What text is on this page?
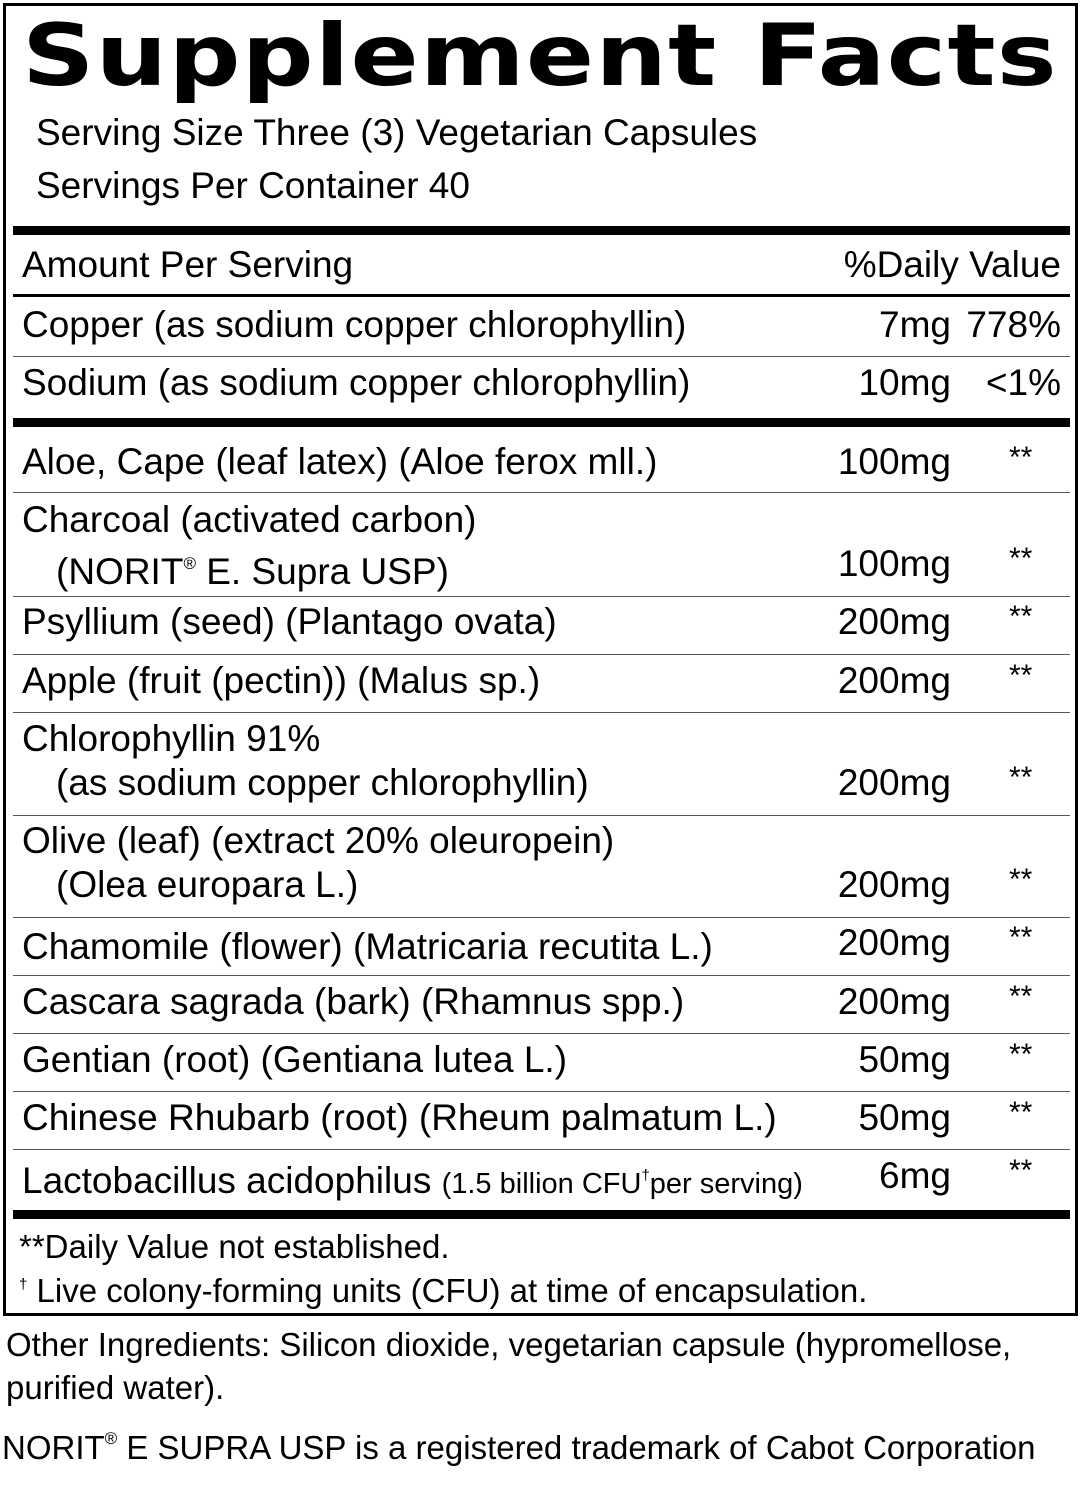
Supplement Facts
Serving Size Three (3) Vegetarian Capsules
Servings Per Container 40
Amount Per Serving	%Daily Value
Copper (as sodium copper chlorophyllin)	7mg 778%
Sodium (as sodium copper chlorophyllin)	10mg <1%
Aloe, Cape (leaf latex) (Aloe ferox mll.)	100mg **
Charcoal (activated carbon)
(NORIT® E. Supra USP)	100mg **
Psyllium (seed) (Plantago ovata)	200mg **
Apple (fruit (pectin)) (Malus sp.)	200mg **
Chlorophyllin 91%
(as sodium copper chlorophyllin)	200mg **
Olive (leaf) (extract 20% oleuropein)
(Olea europara L.)	200mg **
Chamomile (flower) (Matricaria recutita L.)	200mg **
Cascara sagrada (bark) (Rhamnus spp.)	200mg **
Gentian (root) (Gentiana lutea L.)	50mg **
Chinese Rhubarb (root) (Rheum palmatum L.) 50mg **
Lactobacillus acidophilus (1.5 billion CFU†per serving) 6mg **
**Daily Value not established.
† Live colony-forming units (CFU) at time of encapsulation.
Other Ingredients: Silicon dioxide, vegetarian capsule (hypromellose,
purified water).
NORIT® E SUPRA USP is a registered trademark of Cabot Corporation
